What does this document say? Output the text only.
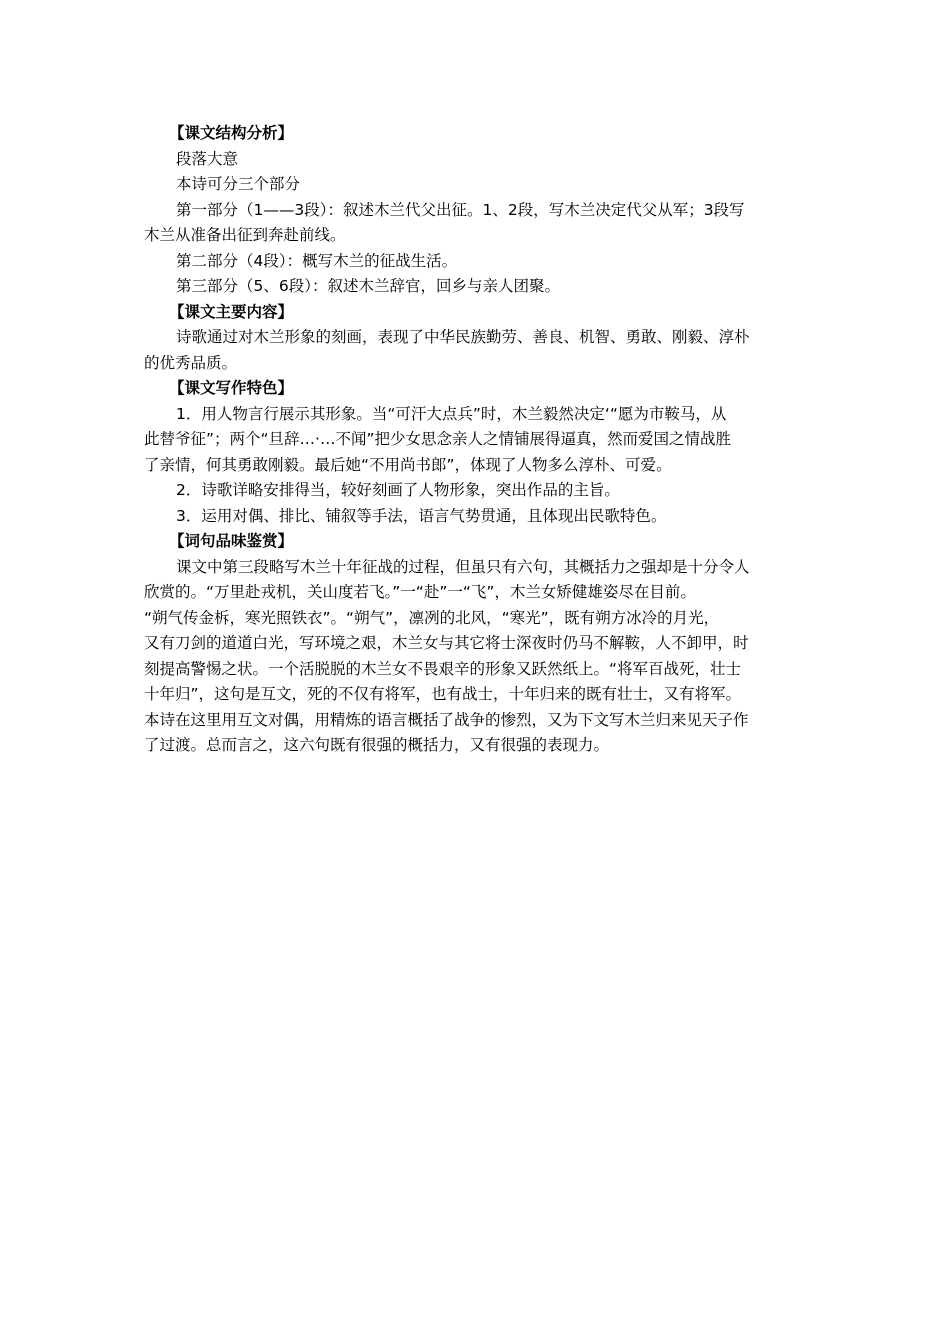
【课文结构分析】

段落大意

本诗可分三个部分

第一部分（1——3段）：叙述木兰代父出征。1、2段，写木兰决定代父从军；3段写

木兰从准备出征到奔赴前线。

第二部分（4段）：概写木兰的征战生活。

第三部分（5、6段）：叙述木兰辞官，回乡与亲人团聚。

【课文主要内容】

诗歌通过对木兰形象的刻画，表现了中华民族勤劳、善良、机智、勇敢、刚毅、淳朴

的优秀品质。

【课文写作特色】

1．用人物言行展示其形象。当“可汗大点兵”时，木兰毅然决定‘“愿为市鞍马，从

此替爷征”；两个“旦辞…·…不闻”把少女思念亲人之情铺展得逼真，然而爱国之情战胜

了亲情，何其勇敢刚毅。最后她“不用尚书郎”，体现了人物多么淳朴、可爱。

2．诗歌详略安排得当，较好刻画了人物形象，突出作品的主旨。

3．运用对偶、排比、铺叙等手法，语言气势贯通，且体现出民歌特色。

【词句品味鉴赏】

课文中第三段略写木兰十年征战的过程，但虽只有六句，其概括力之强却是十分令人

欣赏的。“万里赴戎机，关山度若飞。”一“赴”一“飞”，木兰女矫健雄姿尽在目前。

“朔气传金柝，寒光照铁衣”。“朔气”，凛冽的北风，“寒光”，既有朔方冰冷的月光，

又有刀剑的道道白光，写环境之艰，木兰女与其它将士深夜时仍马不解鞍，人不卸甲，时

刻提高警惕之状。一个活脱脱的木兰女不畏艰辛的形象又跃然纸上。“将军百战死，壮士

十年归”，这句是互文，死的不仅有将军，也有战士，十年归来的既有壮士，又有将军。

本诗在这里用互文对偶，用精炼的语言概括了战争的惨烈，又为下文写木兰归来见天子作

了过渡。总而言之，这六句既有很强的概括力，又有很强的表现力。
